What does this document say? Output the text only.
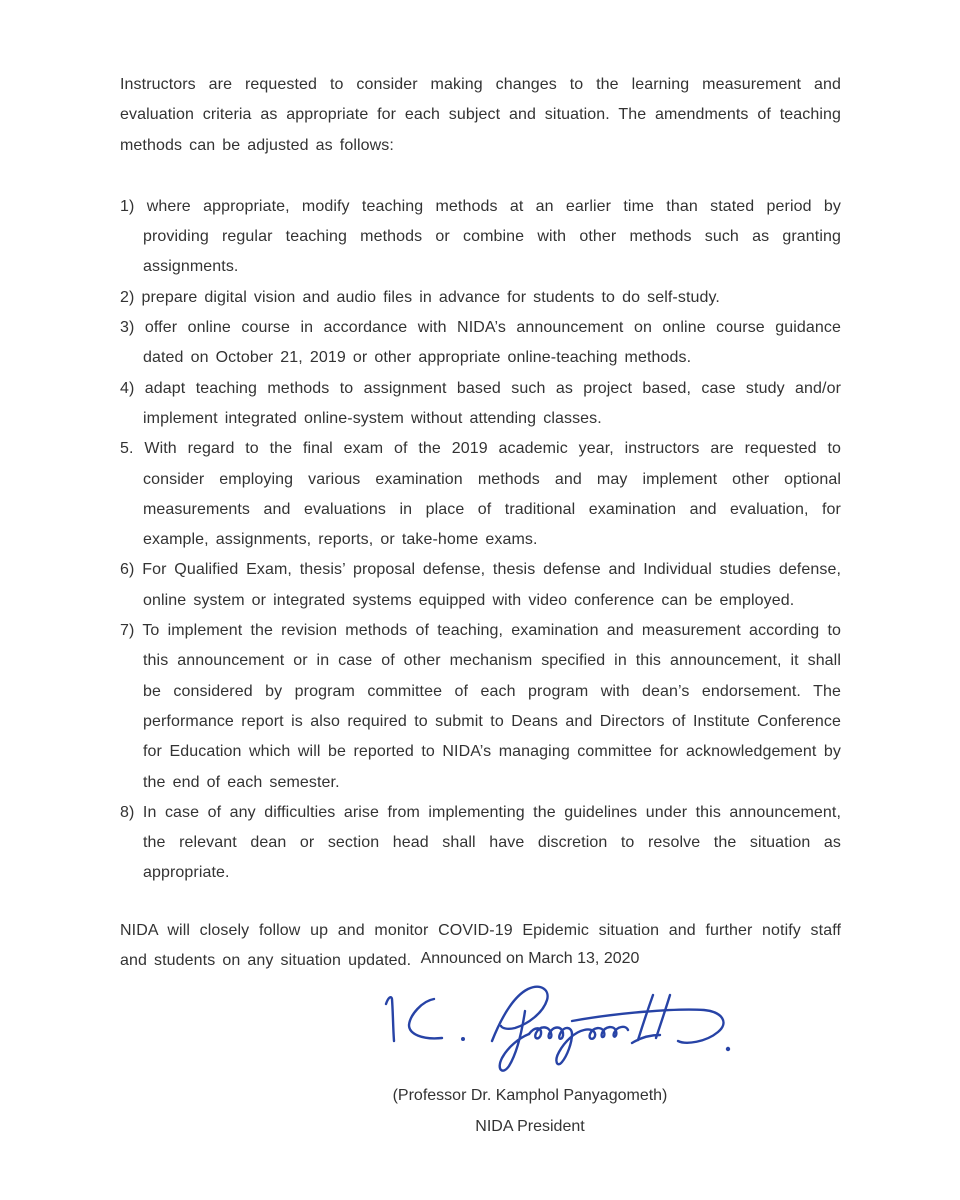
Instructors are requested to consider making changes to the learning measurement and evaluation criteria as appropriate for each subject and situation. The amendments of teaching methods can be adjusted as follows:

1) where appropriate, modify teaching methods at an earlier time than stated period by providing regular teaching methods or combine with other methods such as granting assignments.
2) prepare digital vision and audio files in advance for students to do self-study.
3) offer online course in accordance with NIDA’s announcement on online course guidance dated on October 21, 2019 or other appropriate online-teaching methods.
4) adapt teaching methods to assignment based such as project based, case study and/or implement integrated online-system without attending classes.
5. With regard to the final exam of the 2019 academic year, instructors are requested to consider employing various examination methods and may implement other optional measurements and evaluations in place of traditional examination and evaluation, for example, assignments, reports, or take-home exams.
6) For Qualified Exam, thesis’ proposal defense, thesis defense and Individual studies defense, online system or integrated systems equipped with video conference can be employed.
7) To implement the revision methods of teaching, examination and measurement according to this announcement or in case of other mechanism specified in this announcement, it shall be considered by program committee of each program with dean’s endorsement. The performance report is also required to submit to Deans and Directors of Institute Conference for Education which will be reported to NIDA’s managing committee for acknowledgement by the end of each semester.
8) In case of any difficulties arise from implementing the guidelines under this announcement, the relevant dean or section head shall have discretion to resolve the situation as appropriate.

NIDA will closely follow up and monitor COVID-19 Epidemic situation and further notify staff and students on any situation updated. Announced on March 13, 2020
(Professor Dr. Kamphol Panyagometh)
NIDA President
